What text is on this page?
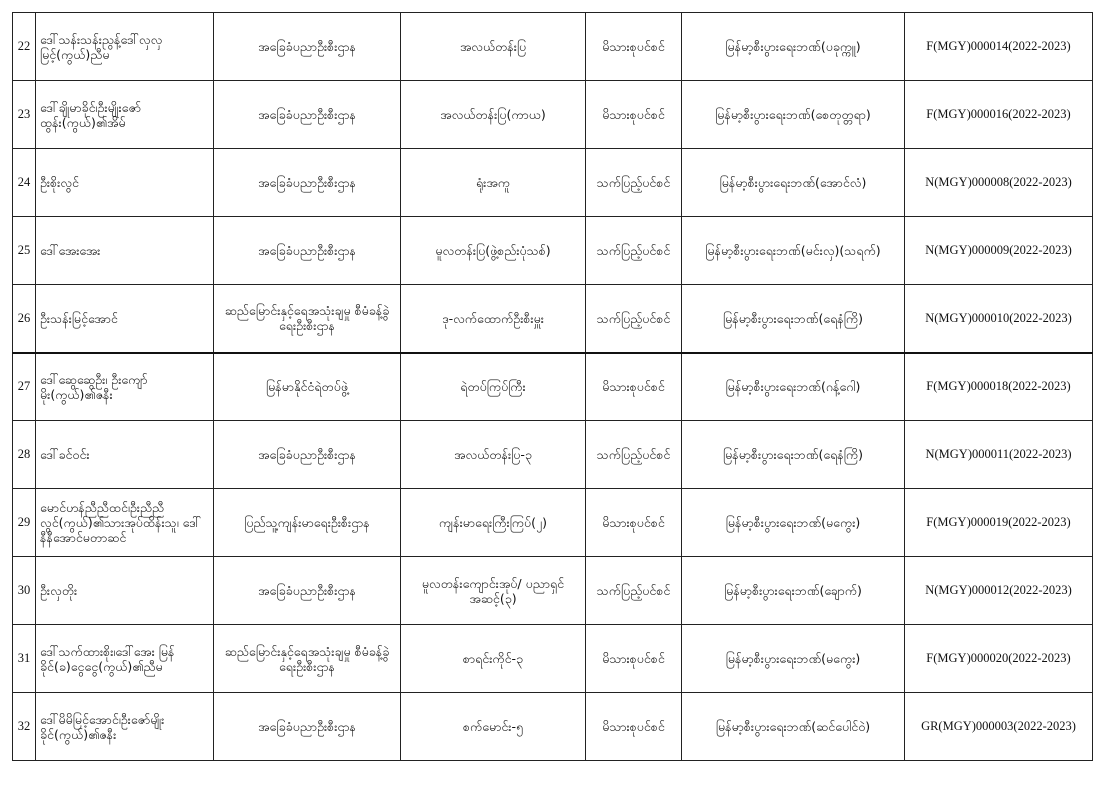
22	ဒေါ်သန်းသန်းညွန့်ဒေါ်လှလှမြင့်(ကွယ်)ညီမ	အခြေခံပညာဦးစီးဌာန	အလယ်တန်းပြ	မိသားစုပင်စင်	မြန်မာ့စီးပွားရေးဘဏ်(ပခုက္ကူ)	F(MGY)000014(2022-2023)
23	ဒေါ်ချိုမာခိုင်၊ဦးမျိုးဇော်ထွန်း(ကွယ်)၏အိမ်	အခြေခံပညာဦးစီးဌာန	အလယ်တန်းပြ(ကာယ)	မိသားစုပင်စင်	မြန်မာ့စီးပွားရေးဘဏ်(စေတုတ္တရာ)	F(MGY)000016(2022-2023)
24	ဦးစိုးလွင်	အခြေခံပညာဦးစီးဌာန	ရုံးအကူ	သက်ပြည့်ပင်စင်	မြန်မာ့စီးပွားရေးဘဏ်(အောင်လံ)	N(MGY)000008(2022-2023)
25	ဒေါ်အေးအေး	အခြေခံပညာဦးစီးဌာန	မူလတန်းပြ(ဖွဲ့စည်းပုံသစ်)	သက်ပြည့်ပင်စင်	မြန်မာ့စီးပွားရေးဘဏ်(မင်းလှ)(သရက်)	N(MGY)000009(2022-2023)
26	ဦးသန်းမြင့်အောင်	ဆည်မြောင်းနှင့်ရေအသုံးချမှု စီမံခန့်ခွဲရေးဦးစီးဌာန	ဒု-လက်ထောက်ဦးစီးမှူး	သက်ပြည့်ပင်စင်	မြန်မာ့စီးပွားရေးဘဏ်(ရေနံကြိ)	N(MGY)000010(2022-2023)
27	ဒေါ်ဆွေဆွေဦး၊ ဦးကျော်မိုး(ကွယ်)၏ဇနီး	မြန်မာနိုင်ငံရဲတပ်ဖွဲ့	ရဲတပ်ကြပ်ကြီး	မိသားစုပင်စင်	မြန်မာ့စီးပွားရေးဘဏ်(ဂန့်ဂေါ)	F(MGY)000018(2022-2023)
28	ဒေါ်ခင်ဝင်း	အခြေခံပညာဦးစီးဌာန	အလယ်တန်းပြ-၃	သက်ပြည့်ပင်စင်	မြန်မာ့စီးပွားရေးဘဏ်(ရေနံကြိ)	N(MGY)000011(2022-2023)
29	မောင်ဟန်ညီညီထင်၊ဦးညီညီလွင်(ကွယ်)၏သားအုပ်ထိန်းသူ၊ ဒေါ် နီနီအောင်မတာဆင်	ပြည်သူ့ကျန်းမာရေးဦးစီးဌာန	ကျန်းမာရေးကြီးကြပ်(၂)	မိသားစုပင်စင်	မြန်မာ့စီးပွားရေးဘဏ်(မကွေး)	F(MGY)000019(2022-2023)
30	ဦးလှတိုး	အခြေခံပညာဦးစီးဌာန	မူလတန်းကျောင်းအုပ်/ ပညာရှင်အဆင့်(၃)	သက်ပြည့်ပင်စင်	မြန်မာ့စီးပွားရေးဘဏ်(ချောက်)	N(MGY)000012(2022-2023)
31	ဒေါ်သက်ထားစိုး၊ဒေါ်အေး မြန်ခိုင်(ခ)ငွေငွေ(ကွယ်)၏ညီမ	ဆည်မြောင်းနှင့်ရေအသုံးချမှု စီမံခန့်ခွဲရေးဦးစီးဌာန	စာရင်းကိုင်-၃	မိသားစုပင်စင်	မြန်မာ့စီးပွားရေးဘဏ်(မကွေး)	F(MGY)000020(2022-2023)
32	ဒေါ်မိမိမြင့်အောင်၊ဦးဇော်မျိုး ခိုင်(ကွယ်)၏ဇနီး	အခြေခံပညာဦးစီးဌာန	စက်မောင်း-၅	မိသားစုပင်စင်	မြန်မာ့စီးပွားရေးဘဏ်(ဆင်ပေါင်ဝဲ)	GR(MGY)000003(2022-2023)
